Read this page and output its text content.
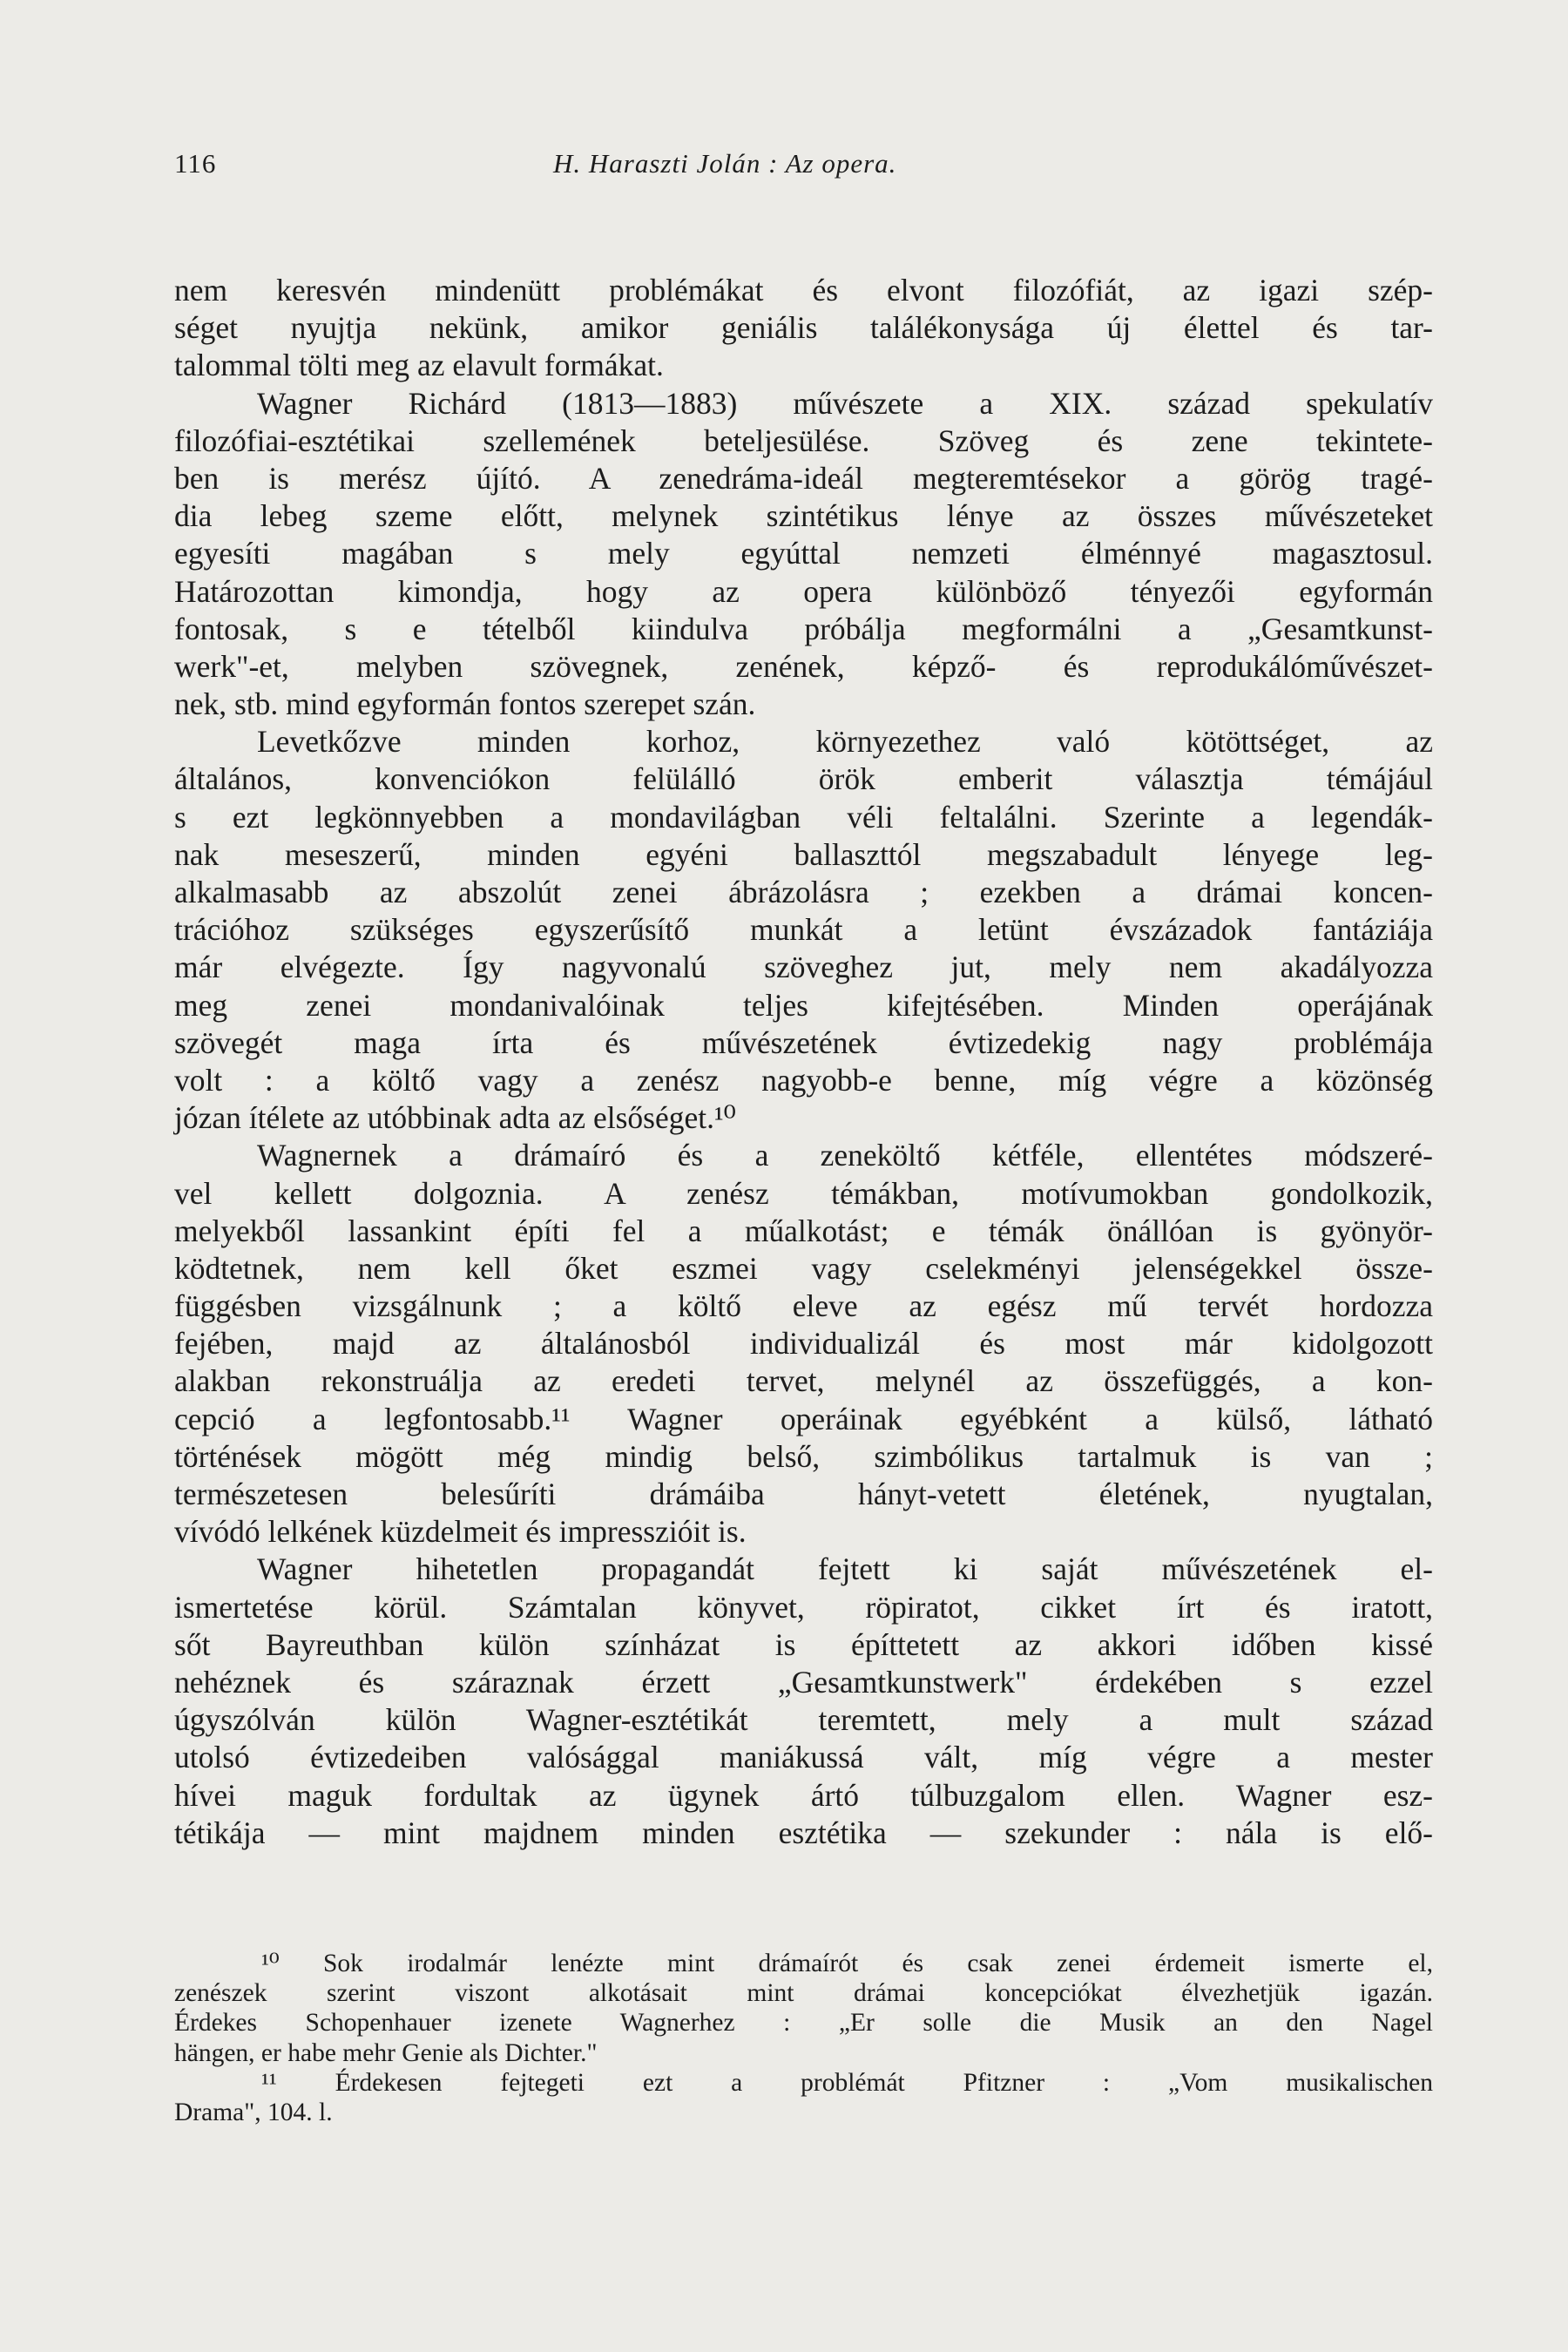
116	H. Haraszti Jolán : Az opera.
nem keresvén mindenütt problémákat és elvont filozófiát, az igazi szép-
séget nyujtja nekünk, amikor geniális találékonysága új élettel és tar-
talommal tölti meg az elavult formákat.
Wagner Richárd (1813—1883) művészete a XIX. század spekulatív
filozófiai-esztétikai szellemének beteljesülése. Szöveg és zene tekintete-
ben is merész újító. A zenedráma-ideál megteremtésekor a görög tragé-
dia lebeg szeme előtt, melynek szintétikus lénye az összes művészeteket
egyesíti magában s mely egyúttal nemzeti élménnyé magasztosul.
Határozottan kimondja, hogy az opera különböző tényezői egyformán
fontosak, s e tételből kiindulva próbálja megformálni a „Gesamtkunst-
werk"-et, melyben szövegnek, zenének, képző- és reprodukálóművészet-
nek, stb. mind egyformán fontos szerepet szán.
Levetkőzve minden korhoz, környezethez való kötöttséget, az
általános, konvenciókon felülálló örök emberit választja témájául
s ezt legkönnyebben a mondavilágban véli feltalálni. Szerinte a legendák-
nak meseszerű, minden egyéni ballaszttól megszabadult lényege leg-
alkalmasabb az abszolút zenei ábrázolásra ; ezekben a drámai koncen-
trációhoz szükséges egyszerűsítő munkát a letünt évszázadok fantáziája
már elvégezte. Így nagyvonalú szöveghez jut, mely nem akadályozza
meg zenei mondanivalóinak teljes kifejtésében. Minden operájának
szövegét maga írta és művészetének évtizedekig nagy problémája
volt : a költő vagy a zenész nagyobb-e benne, míg végre a közönség
józan ítélete az utóbbinak adta az elsőséget.¹⁰
Wagnernek a drámaíró és a zeneköltő kétféle, ellentétes módszeré-
vel kellett dolgoznia. A zenész témákban, motívumokban gondolkozik,
melyekből lassankint építi fel a műalkotást; e témák önállóan is gyönyör-
ködtetnek, nem kell őket eszmei vagy cselekményi jelenségekkel össze-
függésben vizsgálnunk ; a költő eleve az egész mű tervét hordozza
fejében, majd az általánosból individualizál és most már kidolgozott
alakban rekonstruálja az eredeti tervet, melynél az összefüggés, a kon-
cepció a legfontosabb.¹¹ Wagner operáinak egyébként a külső, látható
történések mögött még mindig belső, szimbólikus tartalmuk is van ;
természetesen belesűríti drámáiba hányt-vetett életének, nyugtalan,
vívódó lelkének küzdelmeit és impresszióit is.
Wagner hihetetlen propagandát fejtett ki saját művészetének el-
ismertetése körül. Számtalan könyvet, röpiratot, cikket írt és iratott,
sőt Bayreuthban külön színházat is építtetett az akkori időben kissé
nehéznek és száraznak érzett „Gesamtkunstwerk" érdekében s ezzel
úgyszólván külön Wagner-esztétikát teremtett, mely a mult század
utolsó évtizedeiben valósággal maniákussá vált, míg végre a mester
hívei maguk fordultak az ügynek ártó túlbuzgalom ellen. Wagner esz-
tétikája — mint majdnem minden esztétika — szekunder : nála is elő-
¹⁰ Sok irodalmár lenézte mint drámaírót és csak zenei érdemeit ismerte el,
zenészek szerint viszont alkotásait mint drámai koncepciókat élvezhetjük igazán.
Érdekes Schopenhauer izenete Wagnerhez : „Er solle die Musik an den Nagel
hängen, er habe mehr Genie als Dichter."
¹¹ Érdekesen fejtegeti ezt a problémát Pfitzner : „Vom musikalischen
Drama", 104. l.
